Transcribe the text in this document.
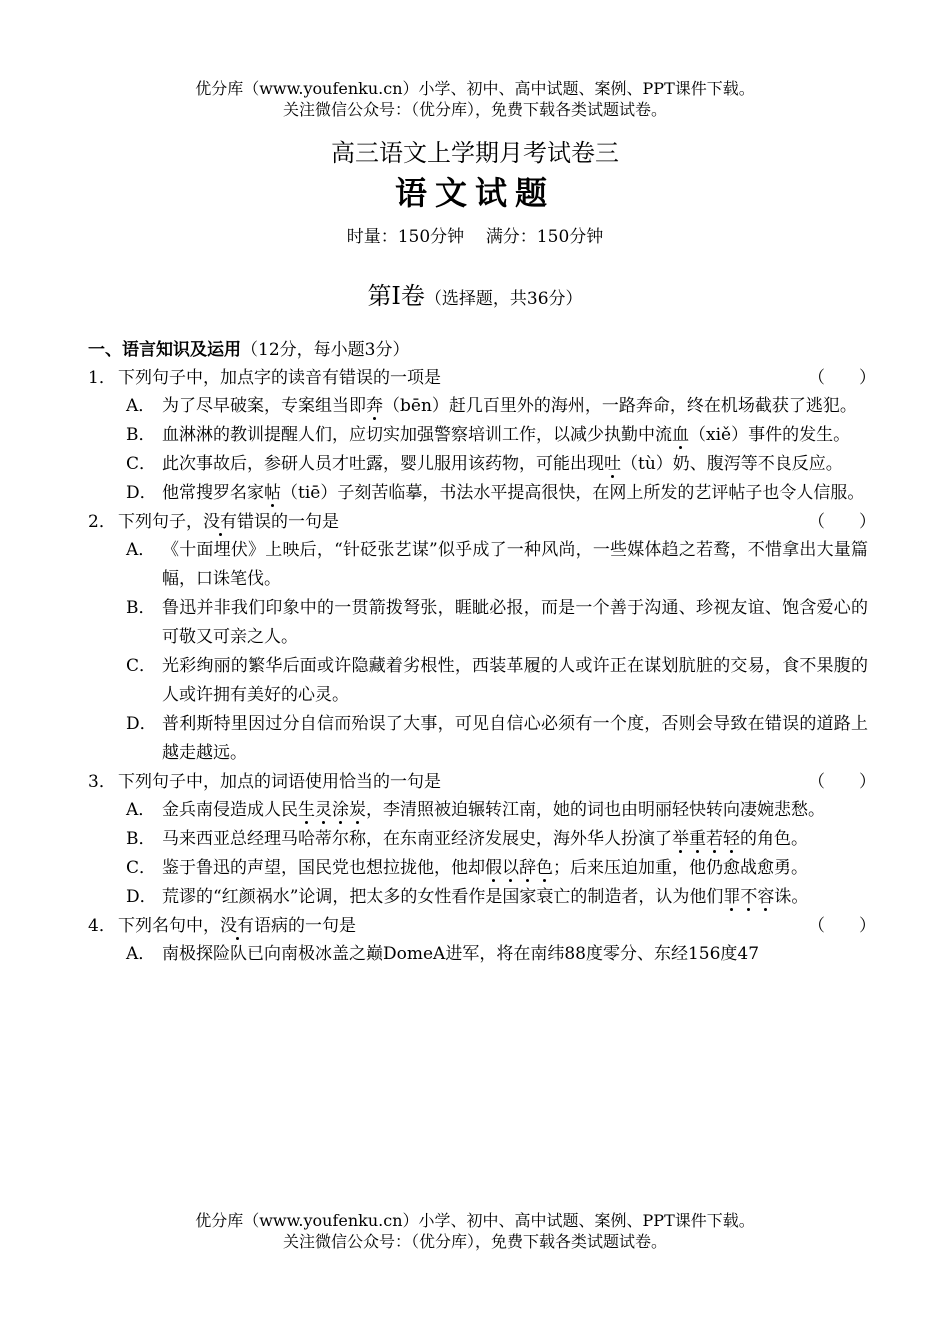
优分库（www.youfenku.cn）小学、初中、高中试题、案例、PPT课件下载。
关注微信公众号：（优分库），免费下载各类试题试卷。
高三语文上学期月考试卷三
语文试题
时量：150分钟 满分：150分钟
第Ⅰ卷（选择题，共36分）
一、语言知识及运用（12分，每小题3分）
1． 下列句子中，加点字的读音有错误的一项是	（　　）
A． 为了尽早破案，专案组当即奔（bēn）赶几百里外的海州，一路奔命，终在机场截获了逃犯。
B． 血淋淋的教训提醒人们，应切实加强警察培训工作，以减少执勤中流血（xiě）事件的发生。
C． 此次事故后，参研人员才吐露，婴儿服用该药物，可能出现吐（tù）奶、腹泻等不良反应。
D． 他常搜罗名家帖（tiē）子刻苦临摹，书法水平提高很快，在网上所发的艺评帖子也令人信服。
2． 下列句子，没有错误的一句是	（　　）
A． 《十面埋伏》上映后，“针砭张艺谋”似乎成了一种风尚，一些媒体趋之若鹜，不惜拿出大量篇幅，口诛笔伐。
B． 鲁迅并非我们印象中的一贯箭拨弩张，睚眦必报，而是一个善于沟通、珍视友谊、饱含爱心的可敬又可亲之人。
C． 光彩绚丽的繁华后面或许隐藏着劣根性，西装革履的人或许正在谋划肮脏的交易，食不果腹的人或许拥有美好的心灵。
D． 普利斯特里因过分自信而殆误了大事，可见自信心必须有一个度，否则会导致在错误的道路上越走越远。
3． 下列句子中，加点的词语使用恰当的一句是	（　　）
A． 金兵南侵造成人民生灵涂炭，李清照被迫辗转江南，她的词也由明丽轻快转向凄婉悲愁。
B． 马来西亚总经理马哈蒂尔称，在东南亚经济发展史，海外华人扮演了举重若轻的角色。
C． 鉴于鲁迅的声望，国民党也想拉拢他，他却假以辞色；后来压迫加重，他仍愈战愈勇。
D． 荒谬的“红颜祸水”论调，把太多的女性看作是国家衰亡的制造者，认为他们罪不容诛。
4． 下列名句中，没有语病的一句是	（　　）
A． 南极探险队已向南极冰盖之巅DomeA进军，将在南纬88度零分、东经156度47
优分库（www.youfenku.cn）小学、初中、高中试题、案例、PPT课件下载。
关注微信公众号：（优分库），免费下载各类试题试卷。
